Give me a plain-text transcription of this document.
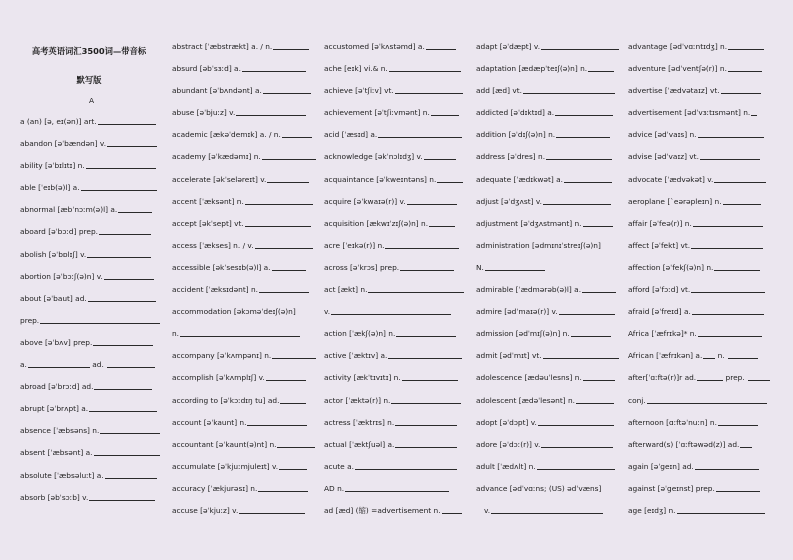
高考英语词汇3500词—带音标
默写版
A
a (an) [ə, eɪ(ən)] art.
abandon [əˈbændən] v.
ability [əˈbɪlɪtɪ] n.
able [ˈeɪb(ə)l] a.
abnormal [æbˈnɔːm(ə)l] a.
aboard [əˈbɔːd] prep.
abolish [əˈbɒlɪʃ] v.
abortion [əˈbɔːʃ(ə)n] v.
about [əˈbaut] ad.
prep.
above [əˈbʌv] prep.
a.	ad.
abroad [əˈbrɔːd] ad.
abrupt [əˈbrʌpt] a.
absence [ˈæbsəns] n.
absent [ˈæbsənt] a.
absolute [ˈæbsəluːt] a.
absorb [əbˈsɔːb] v.
abstract [ˈæbstrækt] a. / n.
absurd [əbˈsɜːd] a.
abundant [əˈbʌndənt] a.
abuse [əˈbjuːz] v.
academic [ækəˈdemɪk] a. / n.
academy [əˈkædəmɪ] n.
accelerate [əkˈseləreɪt] v.
accent [ˈæksənt] n.
accept [əkˈsept] vt.
access [ˈækses] n. / v.
accessible [əkˈsesɪb(ə)l] a.
accident [ˈæksɪdənt] n.
accommodation [əkɔməˈdeɪʃ(ə)n]
n.
accompany [əˈkʌmpənɪ] n.
accomplish [əˈkʌmplɪʃ] v.
according to [əˈkɔːdɪŋ tu] ad.
account [əˈkaunt] n.
accountant [əˈkaunt(ə)nt] n.
accumulate [əˈkjuːmjuleɪt] v.
accuracy [ˈækjurəsɪ] n.
accuse [əˈkjuːz] v.
accustomed [əˈkʌstəmd] a.
ache [eɪk] vi.& n.
achieve [əˈtʃiːv] vt.
achievement [əˈtʃiːvmənt] n.
acid [ˈæsɪd] a.
acknowledge [əkˈnɔlɪdʒ] v.
acquaintance [əˈkweɪntəns] n.
acquire [əˈkwaɪə(r)] v.
acquisition [ækwɪˈzɪʃ(ə)n] n.
acre [ˈeɪkə(r)] n.
across [əˈkrɔs] prep.
act [ækt] n.
v.
action [ˈækʃ(ə)n] n.
active [ˈæktɪv] a.
activity [ækˈtɪvɪtɪ] n.
actor [ˈæktə(r)] n.
actress [ˈæktrɪs] n.
actual [ˈæktʃuəl] a.
acute a.
AD n.
ad [æd] (缩) =advertisement n.
adapt [əˈdæpt] v.
adaptation [ædæpˈteɪʃ(ə)n] n.
add [æd] vt.
addicted [əˈdɪktɪd] a.
addition [əˈdɪʃ(ə)n] n.
address [əˈdres] n.
adequate [ˈædɪkwət] a.
adjust [əˈdʒʌst] v.
adjustment [əˈdʒʌstmənt] n.
administration [ədmɪnɪˈstreɪʃ(ə)n]
N.
admirable [ˈædmərəb(ə)l] a.
admire [ədˈmaɪə(r)] v.
admission [ədˈmɪʃ(ə)n] n.
admit [ədˈmɪt] vt.
adolescence [ædəuˈlesns] n.
adolescent [ædəˈlesənt] n.
adopt [əˈdɔpt] v.
adore [əˈdɔː(r)] v.
adult [ˈædʌlt] n.
advance [ədˈvɑːns; (US) ədˈvæns]
v.
advantage [ədˈvɑːntɪdʒ] n.
adventure [ədˈventʃə(r)] n.
advertise [ˈædvətaɪz] vt.
advertisement [ədˈvɜːtɪsmənt] n.
advice [ədˈvaɪs] n.
advise [ədˈvaɪz] vt.
advocate [ˈædvəkət] v.
aeroplane [ˋeərəpleɪn] n.
affair [əˈfeə(r)] n.
affect [əˈfekt] vt.
affection [əˈfekʃ(ə)n] n.
afford [əˈfɔːd] vt.
afraid [əˈfreɪd] a.
Africa [ˈæfrɪkə]* n.
African [ˈæfrɪkən] a. n.
after[ˈɑːftə(r)]r ad.	prep.
conj.
afternoon [ɑːftəˈnuːn] n.
afterward(s) [ˈɑːftəwəd(z)] ad.
again [əˈgeɪn] ad.
against [əˈgeɪnst] prep.
age [eɪdʒ] n.
